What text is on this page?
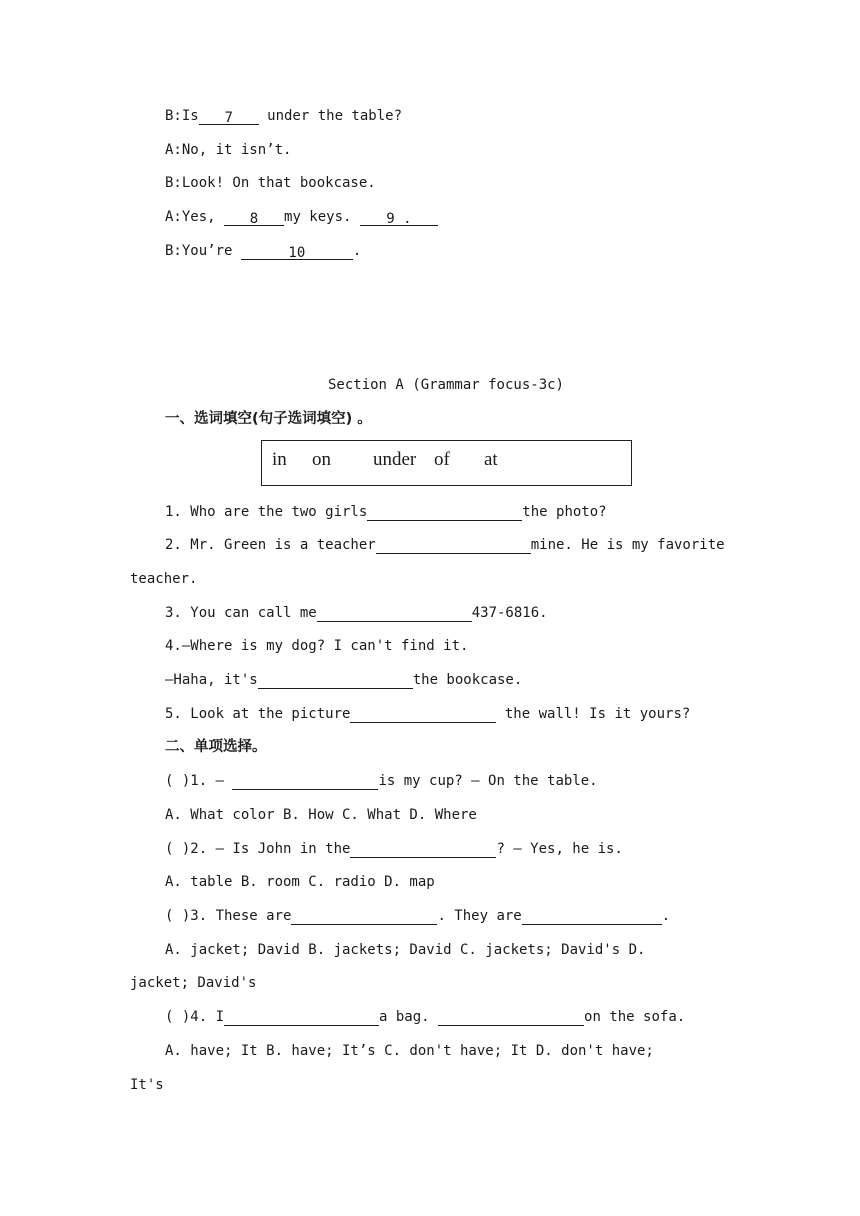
B:Is 7 under the table?
A:No, it isn’t.
B:Look! On that bookcase.
A:Yes, 8 my keys. 9 .
B:You’re	10	.
Section A (Grammar focus-3c)
一、选词填空(句子选词填空) 。
in on under of at
1. Who are the two girls	the photo?
2. Mr. Green is a teacher	mine. He is my favorite
teacher.
3. You can call me	437-6816.
4.—Where is my dog? I can't find it.
—Haha, it's	the bookcase.
5. Look at the picture	the wall! Is it yours?
二、单项选择。
( )1. —	is my cup? — On the table.
A. What color B. How C. What D. Where
( )2. — Is John in the	? — Yes, he is.
A. table B. room C. radio D. map
( )3. These are	. They are	.
A. jacket; David B. jackets; David C. jackets; David's D.
jacket; David's
( )4. I	a bag.	on the sofa.
A. have; It B. have; It’s C. don't have; It D. don't have;
It's
